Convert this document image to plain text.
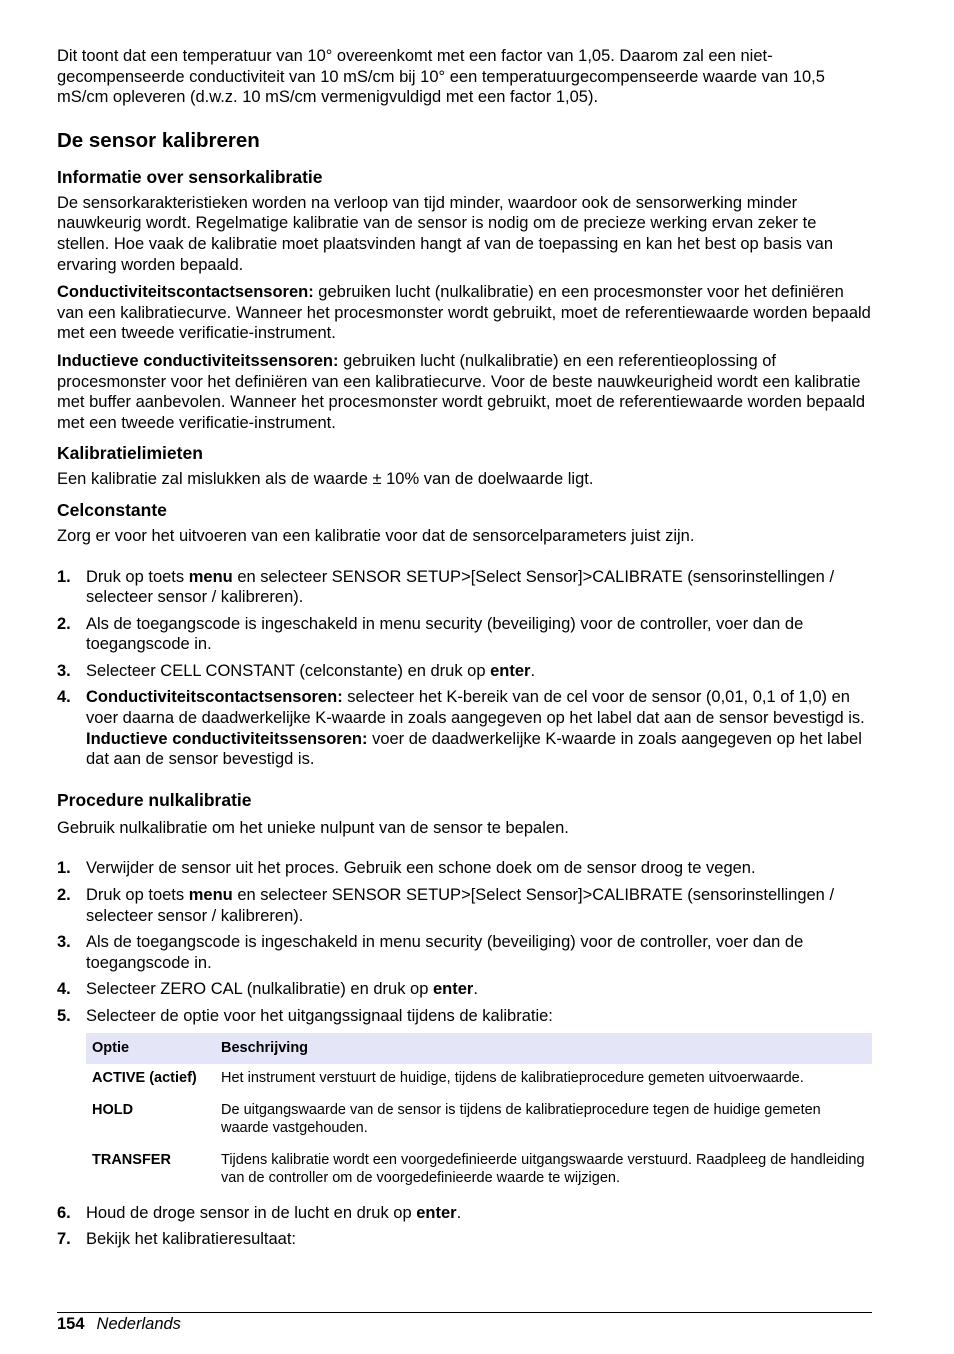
Dit toont dat een temperatuur van 10° overeenkomt met een factor van 1,05. Daarom zal een niet-gecompenseerde conductiviteit van 10 mS/cm bij 10° een temperatuurgecompenseerde waarde van 10,5 mS/cm opleveren (d.w.z. 10 mS/cm vermenigvuldigd met een factor 1,05).

De sensor kalibreren
Informatie over sensorkalibratie

De sensorkarakteristieken worden na verloop van tijd minder, waardoor ook de sensorwerking minder nauwkeurig wordt. Regelmatige kalibratie van de sensor is nodig om de precieze werking ervan zeker te stellen. Hoe vaak de kalibratie moet plaatsvinden hangt af van de toepassing en kan het best op basis van ervaring worden bepaald.

Conductiviteitscontactsensoren: gebruiken lucht (nulkalibratie) en een procesmonster voor het definiëren van een kalibratiecurve. Wanneer het procesmonster wordt gebruikt, moet de referentiewaarde worden bepaald met een tweede verificatie-instrument.

Inductieve conductiviteitssensoren: gebruiken lucht (nulkalibratie) en een referentieoplossing of procesmonster voor het definiëren van een kalibratiecurve. Voor de beste nauwkeurigheid wordt een kalibratie met buffer aanbevolen. Wanneer het procesmonster wordt gebruikt, moet de referentiewaarde worden bepaald met een tweede verificatie-instrument.

Kalibratielimieten

Een kalibratie zal mislukken als de waarde ± 10% van de doelwaarde ligt.

Celconstante

Zorg er voor het uitvoeren van een kalibratie voor dat de sensorcelparameters juist zijn.

1. Druk op toets menu en selecteer SENSOR SETUP>[Select Sensor]>CALIBRATE (sensorinstellingen / selecteer sensor / kalibreren).
2. Als de toegangscode is ingeschakeld in menu security (beveiliging) voor de controller, voer dan de toegangscode in.
3. Selecteer CELL CONSTANT (celconstante) en druk op enter.
4. Conductiviteitscontactsensoren: selecteer het K-bereik van de cel voor de sensor (0,01, 0,1 of 1,0) en voer daarna de daadwerkelijke K-waarde in zoals aangegeven op het label dat aan de sensor bevestigd is.
Inductieve conductiviteitssensoren: voer de daadwerkelijke K-waarde in zoals aangegeven op het label dat aan de sensor bevestigd is.
Procedure nulkalibratie

Gebruik nulkalibratie om het unieke nulpunt van de sensor te bepalen.

1. Verwijder de sensor uit het proces. Gebruik een schone doek om de sensor droog te vegen.
2. Druk op toets menu en selecteer SENSOR SETUP>[Select Sensor]>CALIBRATE (sensorinstellingen / selecteer sensor / kalibreren).
3. Als de toegangscode is ingeschakeld in menu security (beveiliging) voor de controller, voer dan de toegangscode in.
4. Selecteer ZERO CAL (nulkalibratie) en druk op enter.
5. Selecteer de optie voor het uitgangssignaal tijdens de kalibratie:
Optie	Beschrijving
ACTIVE (actief)	Het instrument verstuurt de huidige, tijdens de kalibratieprocedure gemeten uitvoerwaarde.
HOLD	De uitgangswaarde van de sensor is tijdens de kalibratieprocedure tegen de huidige gemeten waarde vastgehouden.
TRANSFER	Tijdens kalibratie wordt een voorgedefinieerde uitgangswaarde verstuurd. Raadpleeg de handleiding van de controller om de voorgedefinieerde waarde te wijzigen.
6. Houd de droge sensor in de lucht en druk op enter.
7. Bekijk het kalibratieresultaat:
154 Nederlands
